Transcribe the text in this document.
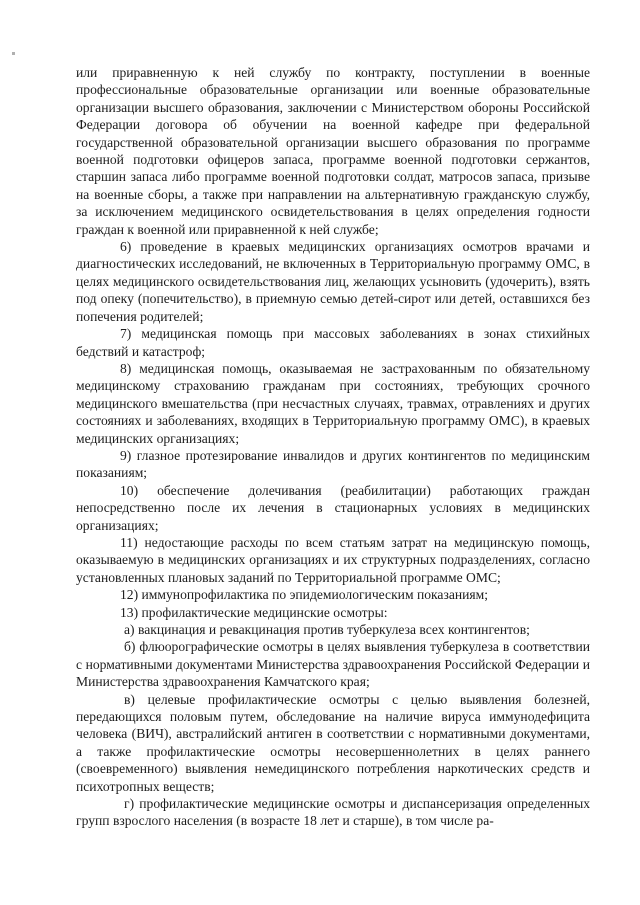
или приравненную к ней службу по контракту, поступлении в военные профессиональные образовательные организации или военные образовательные организации высшего образования, заключении с Министерством обороны Российской Федерации договора об обучении на военной кафедре при федеральной государственной образовательной организации высшего образования по программе военной подготовки офицеров запаса, программе военной подготовки сержантов, старшин запаса либо программе военной подготовки солдат, матросов запаса, призыве на военные сборы, а также при направлении на альтернативную гражданскую службу, за исключением медицинского освидетельствования в целях определения годности граждан к военной или приравненной к ней службе;

6) проведение в краевых медицинских организациях осмотров врачами и диагностических исследований, не включенных в Территориальную программу ОМС, в целях медицинского освидетельствования лиц, желающих усыновить (удочерить), взять под опеку (попечительство), в приемную семью детей-сирот или детей, оставшихся без попечения родителей;

7) медицинская помощь при массовых заболеваниях в зонах стихийных бедствий и катастроф;

8) медицинская помощь, оказываемая не застрахованным по обязательному медицинскому страхованию гражданам при состояниях, требующих срочного медицинского вмешательства (при несчастных случаях, травмах, отравлениях и других состояниях и заболеваниях, входящих в Территориальную программу ОМС), в краевых медицинских организациях;

9) глазное протезирование инвалидов и других контингентов по медицинским показаниям;

10) обеспечение долечивания (реабилитации) работающих граждан непосредственно после их лечения в стационарных условиях в медицинских организациях;

11) недостающие расходы по всем статьям затрат на медицинскую помощь, оказываемую в медицинских организациях и их структурных подразделениях, согласно установленных плановых заданий по Территориальной программе ОМС;

12) иммунопрофилактика по эпидемиологическим показаниям;

13) профилактические медицинские осмотры:

а) вакцинация и ревакцинация против туберкулеза всех контингентов;

б) флюорографические осмотры в целях выявления туберкулеза в соответствии с нормативными документами Министерства здравоохранения Российской Федерации и Министерства здравоохранения Камчатского края;

в) целевые профилактические осмотры с целью выявления болезней, передающихся половым путем, обследование на наличие вируса иммунодефицита человека (ВИЧ), австралийский антиген в соответствии с нормативными документами, а также профилактические осмотры несовершеннолетних в целях раннего (своевременного) выявления немедицинского потребления наркотических средств и психотропных веществ;

г) профилактические медицинские осмотры и диспансеризация определенных групп взрослого населения (в возрасте 18 лет и старше), в том числе ра-
